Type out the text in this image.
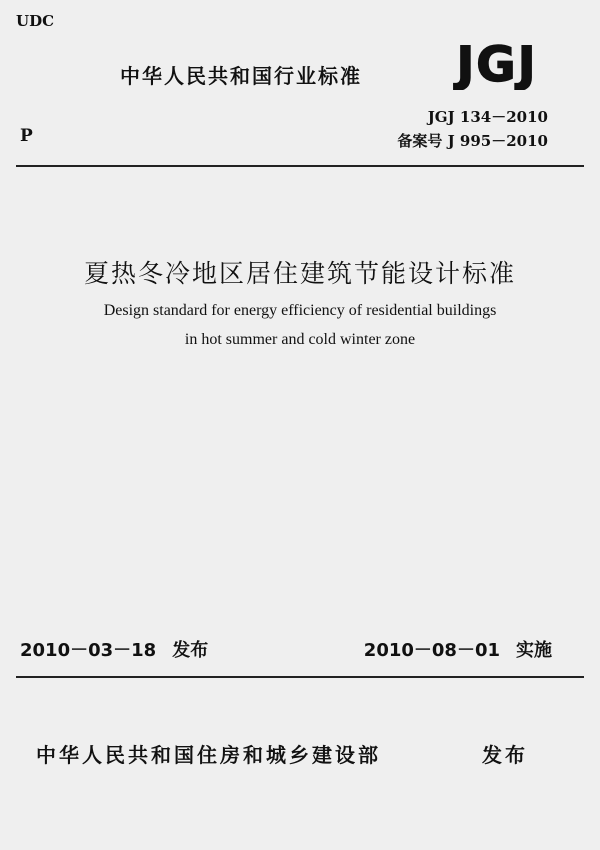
UDC
中华人民共和国行业标准 JGJ
JGJ 134－2010
P	备案号 J 995－2010
夏热冬冷地区居住建筑节能设计标准
Design standard for energy efficiency of residential buildings
in hot summer and cold winter zone
2010－03－18 发布	2010－08－01 实施
中华人民共和国住房和城乡建设部	发布
